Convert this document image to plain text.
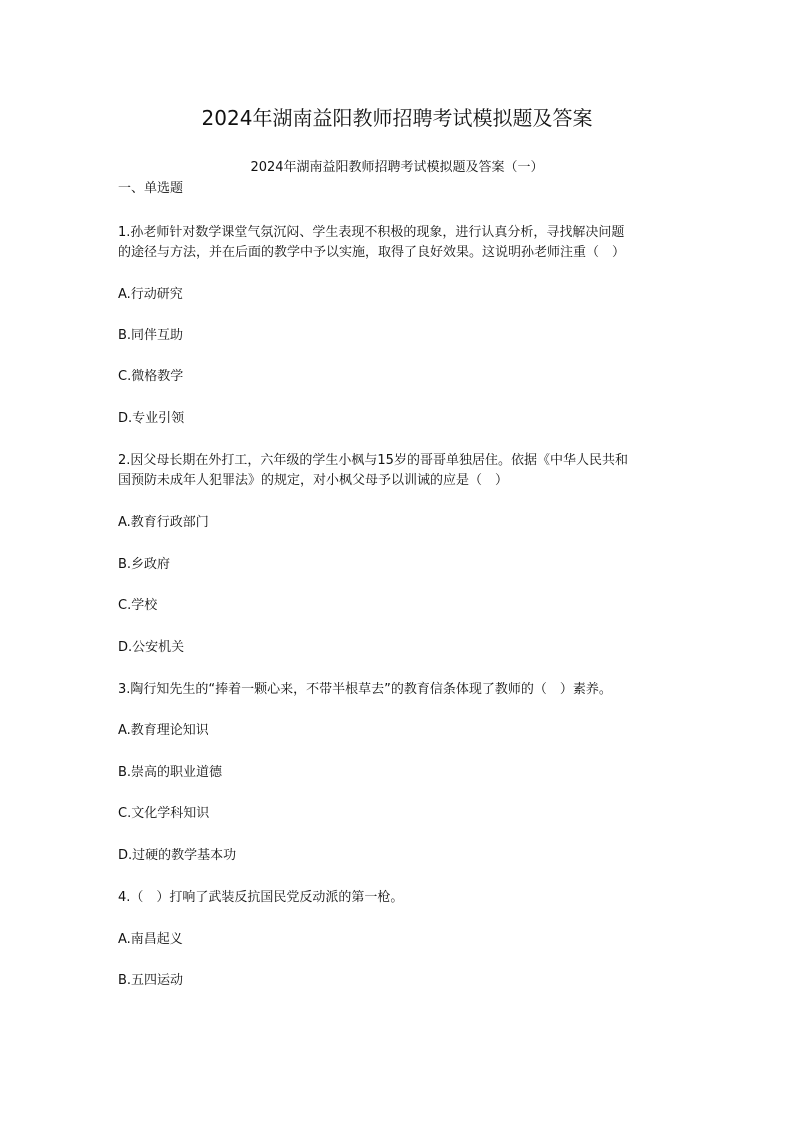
2024年湖南益阳教师招聘考试模拟题及答案
2024年湖南益阳教师招聘考试模拟题及答案（一）
一、单选题
1.孙老师针对数学课堂气氛沉闷、学生表现不积极的现象，进行认真分析，寻找解决问题
的途径与方法，并在后面的教学中予以实施，取得了良好效果。这说明孙老师注重（　）
A.行动研究
B.同伴互助
C.微格教学
D.专业引领
2.因父母长期在外打工，六年级的学生小枫与15岁的哥哥单独居住。依据《中华人民共和
国预防未成年人犯罪法》的规定，对小枫父母予以训诫的应是（　）
A.教育行政部门
B.乡政府
C.学校
D.公安机关
3.陶行知先生的“捧着一颗心来，不带半根草去”的教育信条体现了教师的（　）素养。
A.教育理论知识
B.崇高的职业道德
C.文化学科知识
D.过硬的教学基本功
4.（　）打响了武装反抗国民党反动派的第一枪。
A.南昌起义
B.五四运动
